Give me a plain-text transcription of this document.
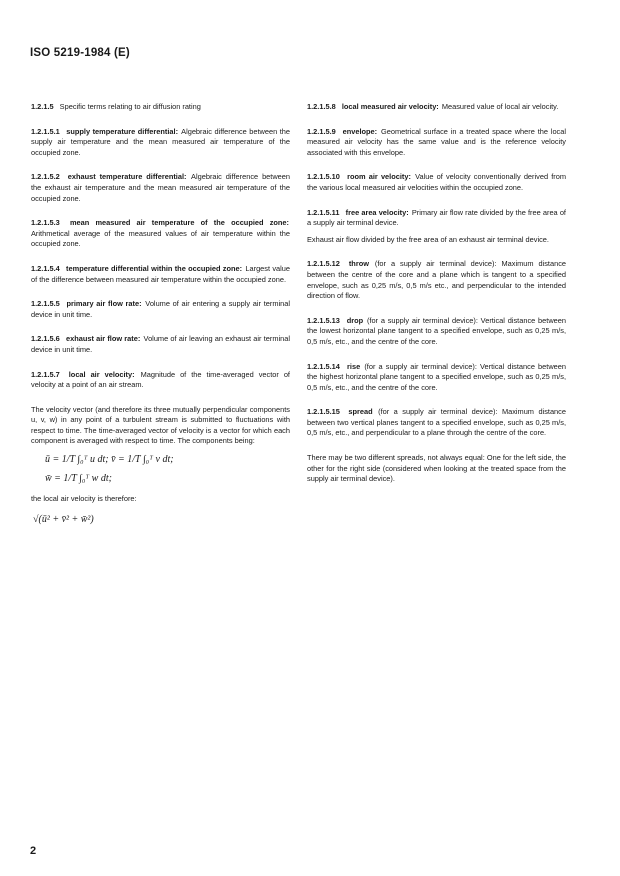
ISO 5219-1984 (E)

1.2.1.5 Specific terms relating to air diffusion rating

1.2.1.5.1 supply temperature differential: Algebraic difference between the supply air temperature and the mean measured air temperature of the occupied zone.

1.2.1.5.2 exhaust temperature differential: Algebraic difference between the exhaust air temperature and the mean measured air temperature of the occupied zone.

1.2.1.5.3 mean measured air temperature of the occupied zone: Arithmetical average of the measured values of air temperature within the occupied zone.

1.2.1.5.4 temperature differential within the occupied zone: Largest value of the difference between measured air temperature within the occupied zone.

1.2.1.5.5 primary air flow rate: Volume of air entering a supply air terminal device in unit time.

1.2.1.5.6 exhaust air flow rate: Volume of air leaving an exhaust air terminal device in unit time.

1.2.1.5.7 local air velocity: Magnitude of the time-averaged vector of velocity at a point of an air stream.

The velocity vector (and therefore its three mutually perpendicular components u, v, w) in any point of a turbulent stream is submitted to fluctuations with respect to time. The time-averaged vector of velocity is a vector for which each component is averaged with respect to time. The components being:

ū = 1/T ∫₀ᵀ u dt; v̄ = 1/T ∫₀ᵀ v dt;
w̄ = 1/T ∫₀ᵀ w dt;

the local air velocity is therefore:

√(ū² + v̄² + w̄²)

1.2.1.5.8 local measured air velocity: Measured value of local air velocity.

1.2.1.5.9 envelope: Geometrical surface in a treated space where the local measured air velocity has the same value and is the reference velocity associated with this envelope.

1.2.1.5.10 room air velocity: Value of velocity conventionally derived from the various local measured air velocities within the occupied zone.

1.2.1.5.11 free area velocity: Primary air flow rate divided by the free area of a supply air terminal device.

Exhaust air flow divided by the free area of an exhaust air terminal device.

1.2.1.5.12 throw (for a supply air terminal device): Maximum distance between the centre of the core and a plane which is tangent to a specified envelope, such as 0,25 m/s, 0,5 m/s etc., and perpendicular to the intended direction of flow.

1.2.1.5.13 drop (for a supply air terminal device): Vertical distance between the lowest horizontal plane tangent to a specified envelope, such as 0,25 m/s, 0,5 m/s, etc., and the centre of the core.

1.2.1.5.14 rise (for a supply air terminal device): Vertical distance between the highest horizontal plane tangent to a specified envelope, such as 0,25 m/s, 0,5 m/s, etc., and the centre of the core.

1.2.1.5.15 spread (for a supply air terminal device): Maximum distance between two vertical planes tangent to a specified envelope, such as 0,25 m/s, 0,5 m/s, etc., and perpendicular to a plane through the centre of the core.

There may be two different spreads, not always equal: One for the left side, the other for the right side (considered when looking at the treated space from the supply air terminal device).

2
